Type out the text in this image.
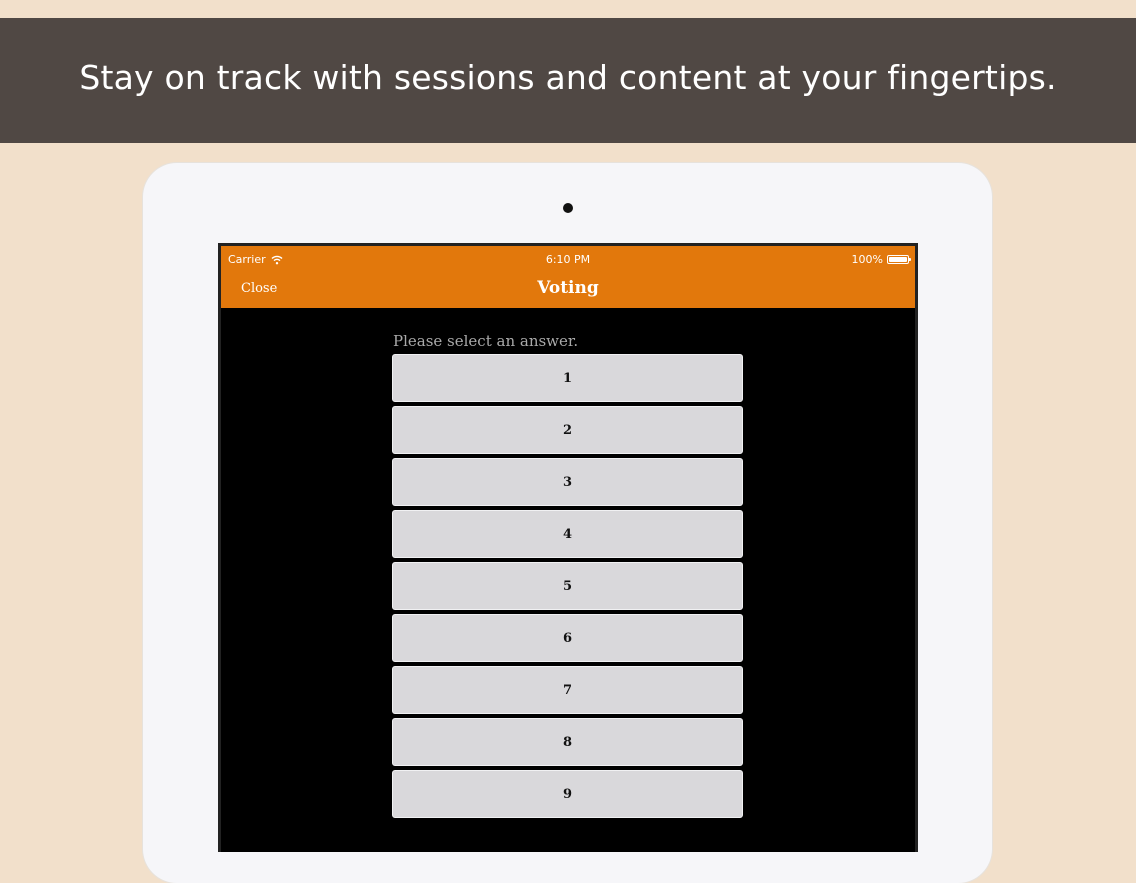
Stay on track with sessions and content at your fingertips.
Carrier	6:10 PM	100%
Close	Voting
Please select an answer.
1
2
3
4
5
6
7
8
9
